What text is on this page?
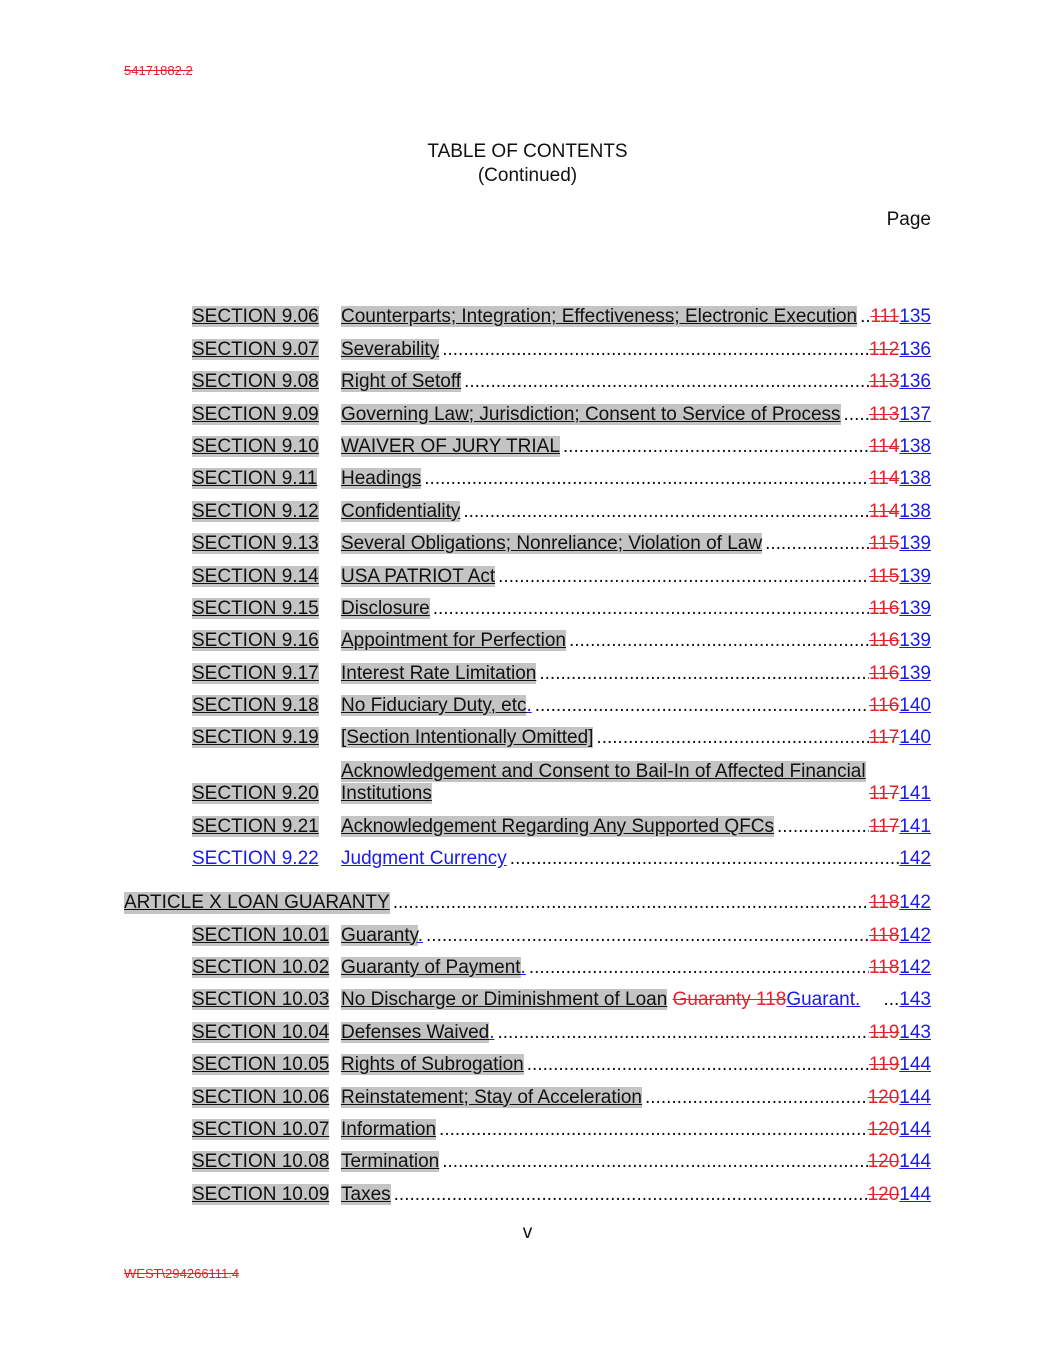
54171882.2
TABLE OF CONTENTS
(Continued)
Page
SECTION 9.06	Counterparts; Integration; Effectiveness; Electronic Execution ..... 111 135
SECTION 9.07	Severability .....	112 136
SECTION 9.08	Right of Setoff .....	113 136
SECTION 9.09	Governing Law; Jurisdiction; Consent to Service of Process ..... 113 137
SECTION 9.10	WAIVER OF JURY TRIAL .....	114 138
SECTION 9.11	Headings .....	114 138
SECTION 9.12	Confidentiality .....	114 138
SECTION 9.13	Several Obligations; Nonreliance; Violation of Law .....	115 139
SECTION 9.14	USA PATRIOT Act .....	115 139
SECTION 9.15	Disclosure .....	116 139
SECTION 9.16	Appointment for Perfection .....	116 139
SECTION 9.17	Interest Rate Limitation .....	116 139
SECTION 9.18	No Fiduciary Duty, etc. .....	116 140
SECTION 9.19	[Section Intentionally Omitted] .....	117 140
SECTION 9.20
Acknowledgement and Consent to Bail-In of Affected Financial Institutions .....	117 141
SECTION 9.21	Acknowledgement Regarding Any Supported QFCs .....	117 141
SECTION 9.22	Judgment Currency .....	142
ARTICLE X LOAN GUARANTY .....	118 142
SECTION 10.01 Guaranty. .....	118 142
SECTION 10.02 Guaranty of Payment. .....	118 142
SECTION 10.03 No Discharge or Diminishment of Loan Guaranty 118Guarant.	... 143
SECTION 10.04 Defenses Waived. .....	119 143
SECTION 10.05 Rights of Subrogation .....	119 144
SECTION 10.06 Reinstatement; Stay of Acceleration .....	120 144
SECTION 10.07 Information .....	120 144
SECTION 10.08 Termination .....	120 144
SECTION 10.09 Taxes .....	120 144
v
WEST\294266111.4
